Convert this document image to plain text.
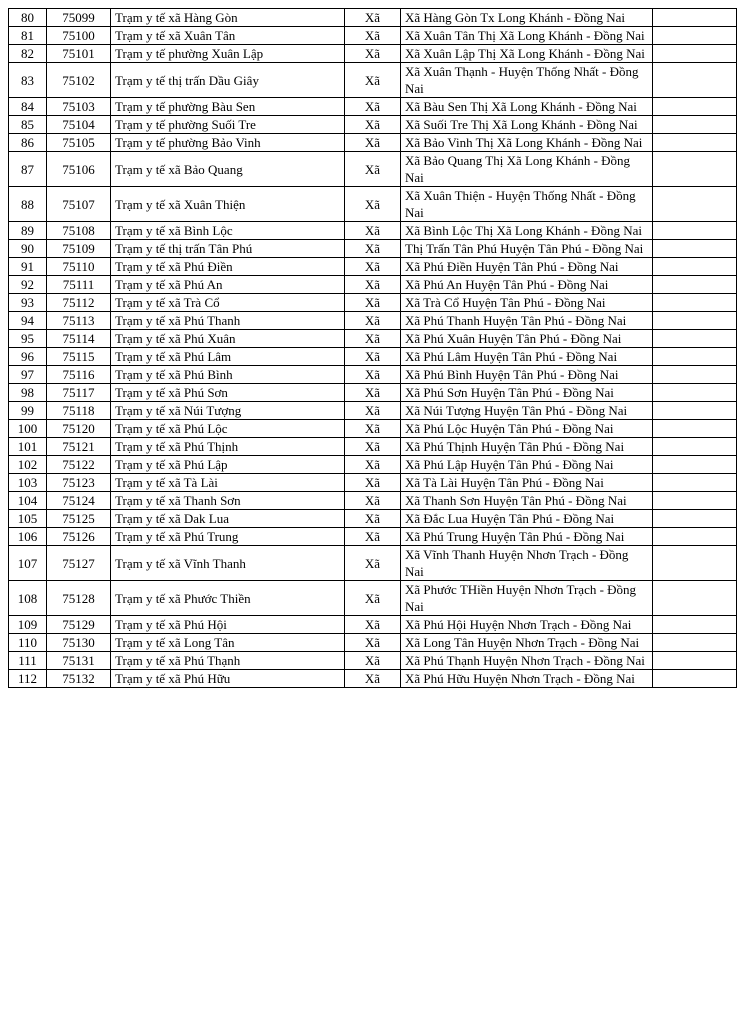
80	75099	Trạm y tế xã Hàng Gòn	Xã	Xã Hàng Gòn Tx Long Khánh - Đồng Nai	
81	75100	Trạm y tế xã Xuân Tân	Xã	Xã Xuân Tân Thị Xã Long Khánh - Đồng Nai	
82	75101	Trạm y tế phường Xuân Lập	Xã	Xã Xuân Lập Thị Xã Long Khánh - Đồng Nai	
83	75102	Trạm y tế thị trấn Dầu Giây	Xã	Xã Xuân Thạnh - Huyện Thống Nhất - Đồng Nai	
84	75103	Trạm y tế phường Bàu Sen	Xã	Xã Bàu Sen Thị Xã Long Khánh - Đồng Nai	
85	75104	Trạm y tế phường Suối Tre	Xã	Xã Suối Tre Thị Xã Long Khánh - Đồng Nai	
86	75105	Trạm y tế phường Bảo Vinh	Xã	Xã Bảo Vinh Thị Xã Long Khánh - Đồng Nai	
87	75106	Trạm y tế xã Bảo Quang	Xã	Xã Bảo Quang Thị Xã Long Khánh - Đồng Nai	
88	75107	Trạm y tế xã Xuân Thiện	Xã	Xã Xuân Thiện - Huyện Thống Nhất - Đồng Nai	
89	75108	Trạm y tế xã Bình Lộc	Xã	Xã Bình Lộc Thị Xã Long Khánh - Đồng Nai	
90	75109	Trạm y tế thị trấn Tân Phú	Xã	Thị Trấn Tân Phú Huyện Tân Phú - Đồng Nai	
91	75110	Trạm y tế xã Phú Điền	Xã	Xã Phú Điền Huyện Tân Phú - Đồng Nai	
92	75111	Trạm y tế xã Phú An	Xã	Xã Phú An Huyện Tân Phú - Đồng Nai	
93	75112	Trạm y tế xã Trà Cổ	Xã	Xã Trà Cổ Huyện Tân Phú - Đồng Nai	
94	75113	Trạm y tế xã Phú Thanh	Xã	Xã Phú Thanh Huyện Tân Phú - Đồng Nai	
95	75114	Trạm y tế xã Phú Xuân	Xã	Xã Phú Xuân Huyện Tân Phú - Đồng Nai	
96	75115	Trạm y tế xã Phú Lâm	Xã	Xã Phú Lâm Huyện Tân Phú - Đồng Nai	
97	75116	Trạm y tế xã Phú Bình	Xã	Xã Phú Bình Huyện Tân Phú - Đồng Nai	
98	75117	Trạm y tế xã Phú Sơn	Xã	Xã Phú Sơn Huyện Tân Phú - Đồng Nai	
99	75118	Trạm y tế xã Núi Tượng	Xã	Xã Núi Tượng Huyện Tân Phú - Đồng Nai	
100	75120	Trạm y tế xã Phú Lộc	Xã	Xã Phú Lộc Huyện Tân Phú - Đồng Nai	
101	75121	Trạm y tế xã Phú Thịnh	Xã	Xã Phú Thịnh Huyện Tân Phú - Đồng Nai	
102	75122	Trạm y tế xã Phú Lập	Xã	Xã Phú Lập Huyện Tân Phú - Đồng Nai	
103	75123	Trạm y tế xã Tà Lài	Xã	Xã Tà Lài Huyện Tân Phú - Đồng Nai	
104	75124	Trạm y tế xã Thanh Sơn	Xã	Xã Thanh Sơn Huyện Tân Phú - Đồng Nai	
105	75125	Trạm y tế xã Dak Lua	Xã	Xã Đắc Lua Huyện Tân Phú - Đồng Nai	
106	75126	Trạm y tế xã Phú Trung	Xã	Xã Phú Trung Huyện Tân Phú - Đồng Nai	
107	75127	Trạm y tế xã Vĩnh Thanh	Xã	Xã Vĩnh Thanh Huyện Nhơn Trạch - Đồng Nai	
108	75128	Trạm y tế xã Phước Thiền	Xã	Xã Phước THiền Huyện Nhơn Trạch - Đồng Nai	
109	75129	Trạm y tế xã Phú Hội	Xã	Xã Phú Hội Huyện Nhơn Trạch - Đồng Nai	
110	75130	Trạm y tế xã Long Tân	Xã	Xã Long Tân Huyện Nhơn Trạch - Đồng Nai	
111	75131	Trạm y tế xã Phú Thạnh	Xã	Xã Phú Thạnh Huyện Nhơn Trạch - Đồng Nai	
112	75132	Trạm y tế xã Phú Hữu	Xã	Xã Phú Hữu Huyện Nhơn Trạch - Đồng Nai	
